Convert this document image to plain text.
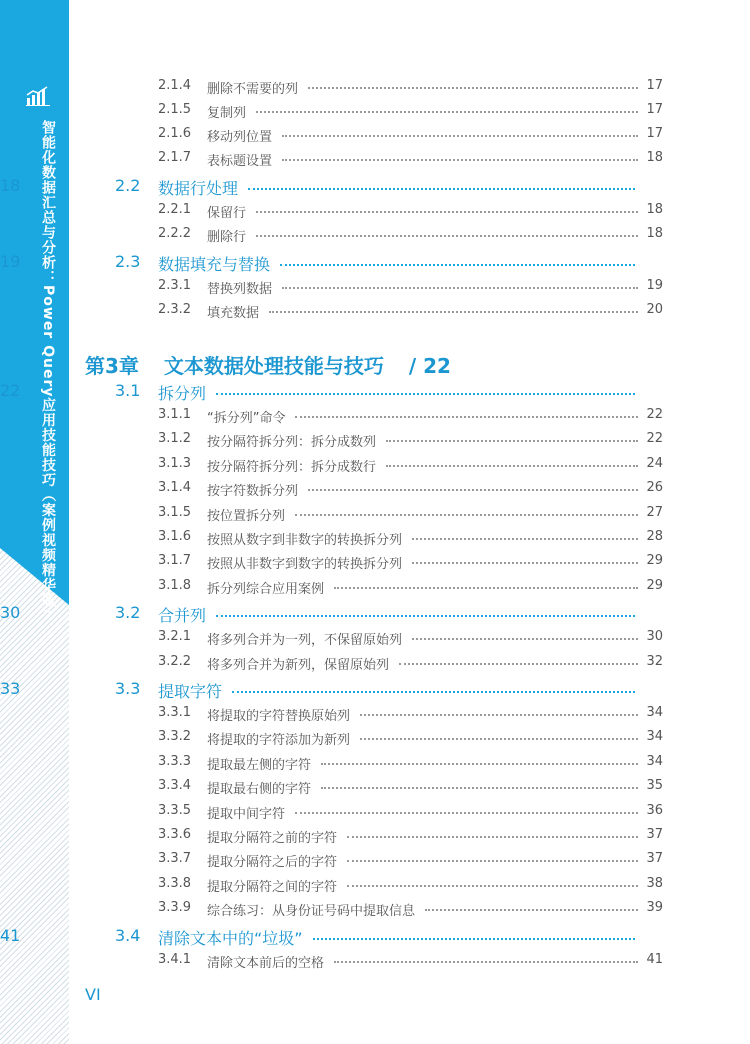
智能化数据汇总与分析：Power Query应用技能技巧（案例视频精华版）
2.1.4 删除不需要的列	17
2.1.5 复制列	17
2.1.6 移动列位置	17
2.1.7 表标题设置	18
2.2 数据行处理
18
2.2.1 保留行	18
2.2.2 删除行	18
2.3 数据填充与替换
19
2.3.1 替换列数据	19
2.3.2 填充数据	20
3.1 拆分列
22
3.1.1 “拆分列”命令	22
3.1.2 按分隔符拆分列：拆分成数列	22
3.1.3 按分隔符拆分列：拆分成数行	24
3.1.4 按字符数拆分列	26
3.1.5 按位置拆分列	27
3.1.6 按照从数字到非数字的转换拆分列	28
3.1.7 按照从非数字到数字的转换拆分列	29
3.1.8 拆分列综合应用案例	29
3.2 合并列
30
3.2.1 将多列合并为一列，不保留原始列	30
3.2.2 将多列合并为新列，保留原始列	32
3.3 提取字符
33
3.3.1 将提取的字符替换原始列	34
3.3.2 将提取的字符添加为新列	34
3.3.3 提取最左侧的字符	34
3.3.4 提取最右侧的字符	35
3.3.5 提取中间字符	36
3.3.6 提取分隔符之前的字符	37
3.3.7 提取分隔符之后的字符	37
3.3.8 提取分隔符之间的字符	38
3.3.9 综合练习：从身份证号码中提取信息	39
3.4 清除文本中的“垃圾”
41
3.4.1 清除文本前后的空格	41
第3章 文本数据处理技能与技巧 / 22
VI
